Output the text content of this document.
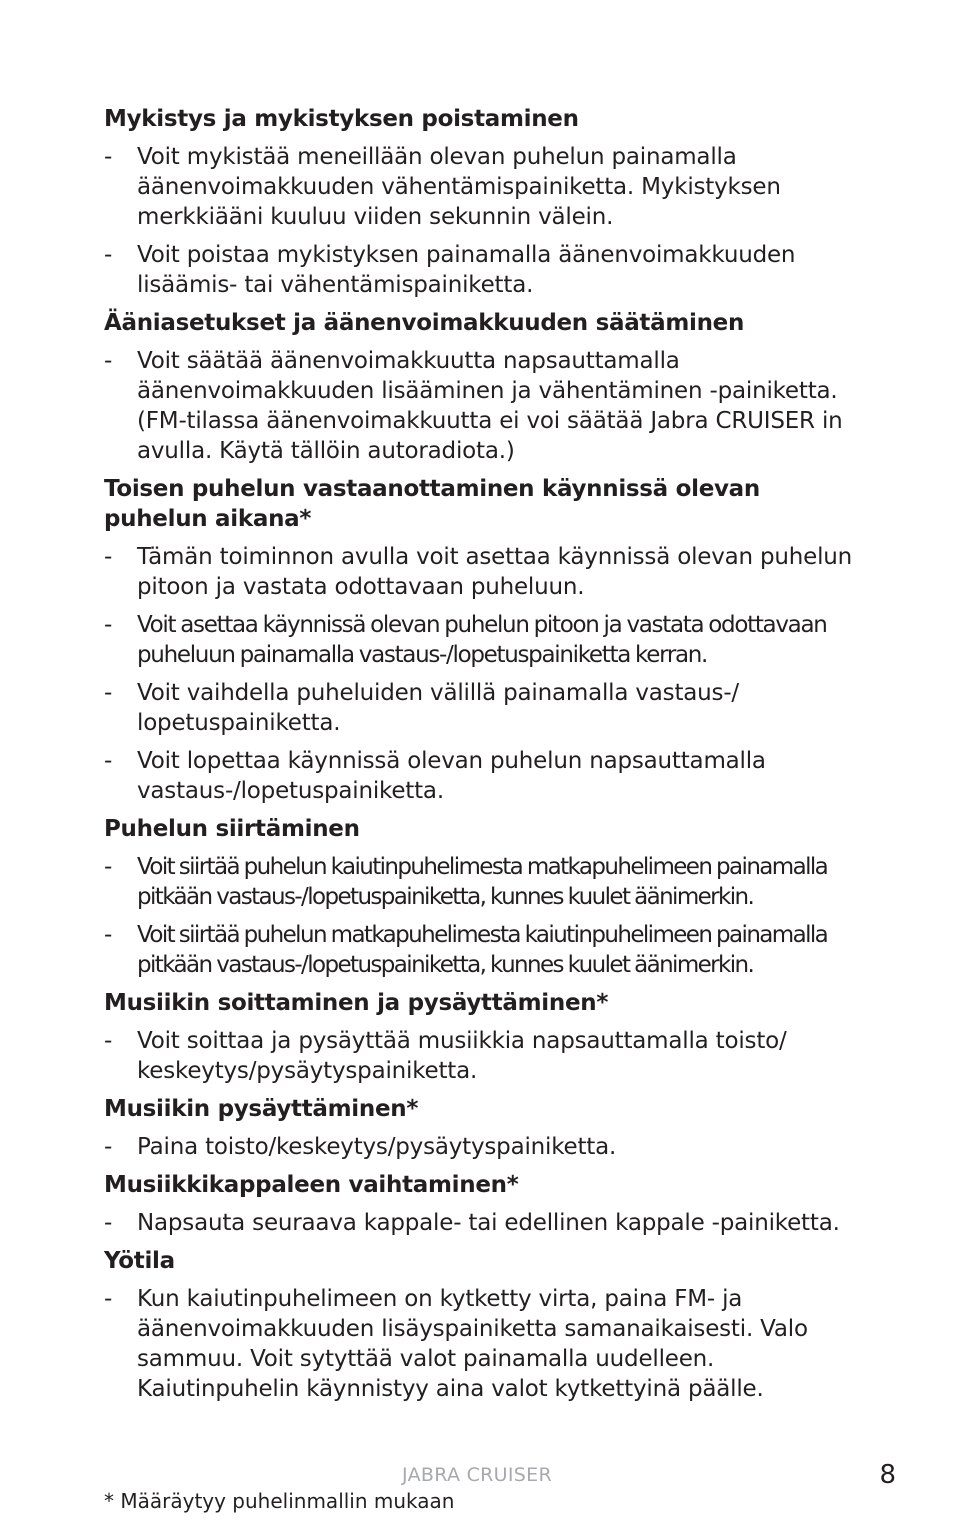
Mykistys ja mykistyksen poistaminen
- Voit mykistää meneillään olevan puhelun painamalla äänenvoimakkuuden vähentämispainiketta. Mykistyksen merkkiääni kuuluu viiden sekunnin välein.
- Voit poistaa mykistyksen painamalla äänenvoimakkuuden lisäämis- tai vähentämispainiketta.
Ääniasetukset ja äänenvoimakkuuden säätäminen
- Voit säätää äänenvoimakkuutta napsauttamalla äänenvoimakkuuden lisääminen ja vähentäminen -painiketta. (FM-tilassa äänenvoimakkuutta ei voi säätää Jabra CRUISER in avulla. Käytä tällöin autoradiota.)
Toisen puhelun vastaanottaminen käynnissä olevan puhelun aikana*
- Tämän toiminnon avulla voit asettaa käynnissä olevan puhelun pitoon ja vastata odottavaan puheluun.
- Voit asettaa käynnissä olevan puhelun pitoon ja vastata odottavaan puheluun painamalla vastaus-/lopetuspainiketta kerran.
- Voit vaihdella puheluiden välillä painamalla vastaus-/ lopetuspainiketta.
- Voit lopettaa käynnissä olevan puhelun napsauttamalla vastaus-/lopetuspainiketta.
Puhelun siirtäminen
- Voit siirtää puhelun kaiutinpuhelimesta matkapuhelimeen painamalla pitkään vastaus-/lopetuspainiketta, kunnes kuulet äänimerkin.
- Voit siirtää puhelun matkapuhelimesta kaiutinpuhelimeen painamalla pitkään vastaus-/lopetuspainiketta, kunnes kuulet äänimerkin.
Musiikin soittaminen ja pysäyttäminen*
- Voit soittaa ja pysäyttää musiikkia napsauttamalla toisto/ keskeytys/pysäytyspainiketta.
Musiikin pysäyttäminen*
- Paina toisto/keskeytys/pysäytyspainiketta.
Musiikkikappaleen vaihtaminen*
- Napsauta seuraava kappale- tai edellinen kappale -painiketta.
Yötila
- Kun kaiutinpuhelimeen on kytketty virta, paina FM- ja äänenvoimakkuuden lisäyspainiketta samanaikaisesti. Valo sammuu. Voit sytyttää valot painamalla uudelleen. Kaiutinpuhelin käynnistyy aina valot kytkettyinä päälle.
JABRA CRUISER	8
* Määräytyy puhelinmallin mukaan
